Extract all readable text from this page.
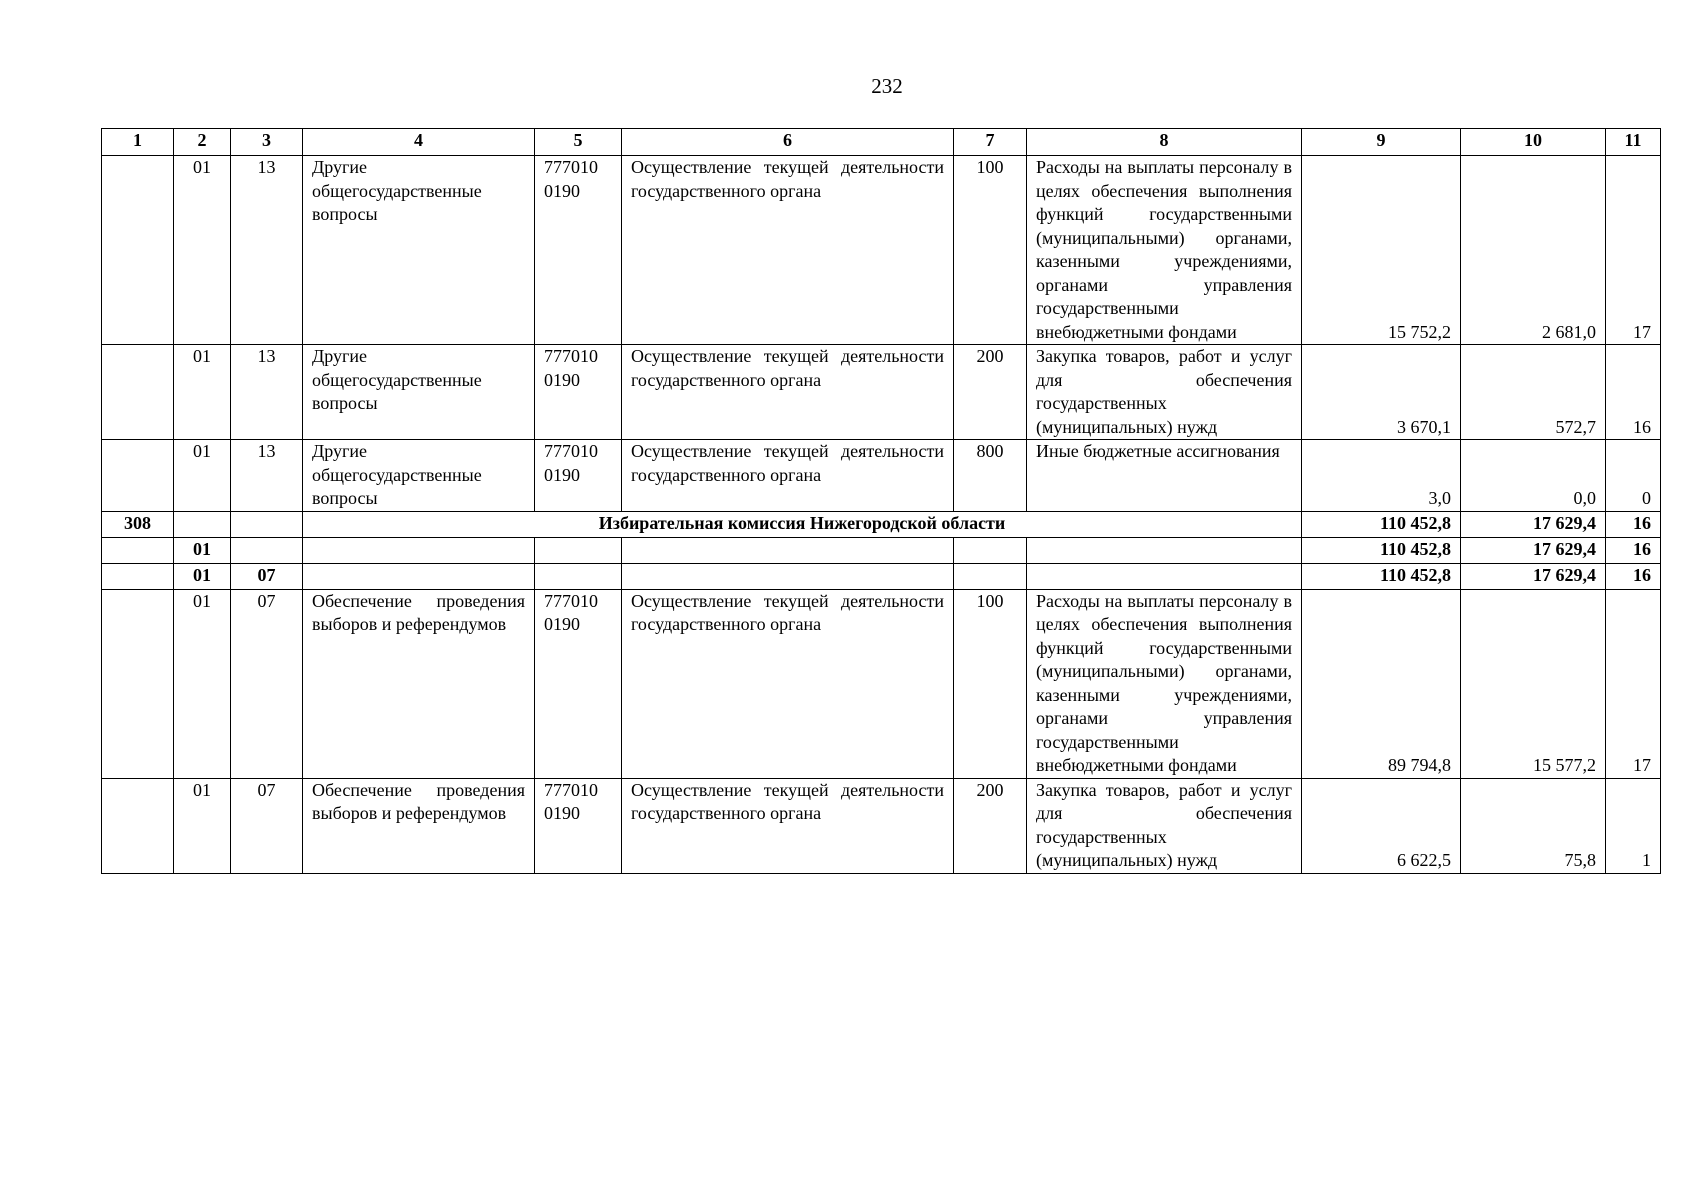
232
1	2	3	4	5	6	7	8	9	10	11
	01	13	Другие общегосударственные вопросы	777010 0190	Осуществление текущей деятельности государственного органа	100	Расходы на выплаты персоналу в целях обеспечения выполнения функций государственными (муниципальными) органами, казенными учреждениями, органами управления государственными внебюджетными фондами	15 752,2	2 681,0	17
	01	13	Другие общегосударственные вопросы	777010 0190	Осуществление текущей деятельности государственного органа	200	Закупка товаров, работ и услуг для обеспечения государственных (муниципальных) нужд	3 670,1	572,7	16
	01	13	Другие общегосударственные вопросы	777010 0190	Осуществление текущей деятельности государственного органа	800	Иные бюджетные ассигнования	3,0	0,0	0
308			Избирательная комиссия Нижегородской области					110 452,8	17 629,4	16
	01							110 452,8	17 629,4	16
	01	07						110 452,8	17 629,4	16
	01	07	Обеспечение проведения выборов и референдумов	777010 0190	Осуществление текущей деятельности государственного органа	100	Расходы на выплаты персоналу в целях обеспечения выполнения функций государственными (муниципальными) органами, казенными учреждениями, органами управления государственными внебюджетными фондами	89 794,8	15 577,2	17
	01	07	Обеспечение проведения выборов и референдумов	777010 0190	Осуществление текущей деятельности государственного органа	200	Закупка товаров, работ и услуг для обеспечения государственных (муниципальных) нужд	6 622,5	75,8	1
